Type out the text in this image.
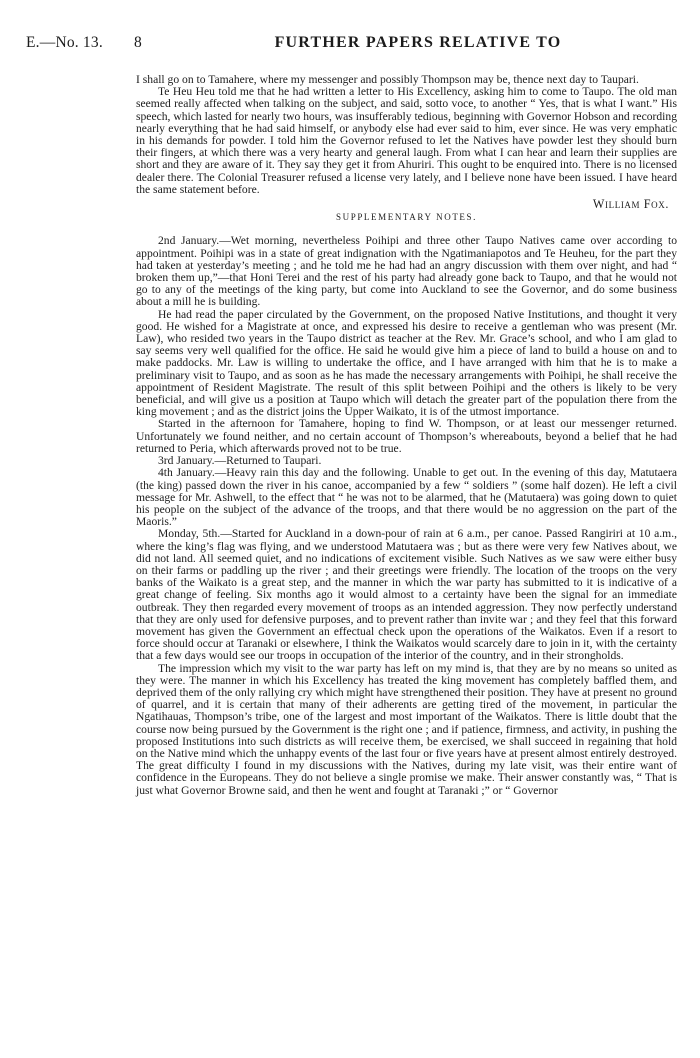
E.—No. 13. 8	FURTHER PAPERS RELATIVE TO

I shall go on to Tamahere, where my messenger and possibly Thompson may be, thence next day to Taupari.

Te Heu Heu told me that he had written a letter to His Excellency, asking him to come to Taupo. The old man seemed really affected when talking on the subject, and said, sotto voce, to another “ Yes, that is what I want.” His speech, which lasted for nearly two hours, was insufferably tedious, beginning with Governor Hobson and recording nearly everything that he had said himself, or anybody else had ever said to him, ever since. He was very emphatic in his demands for powder. I told him the Governor refused to let the Natives have powder lest they should burn their fingers, at which there was a very hearty and general laugh. From what I can hear and learn their supplies are short and they are aware of it. They say they get it from Ahuriri. This ought to be enquired into. There is no licensed dealer there. The Colonial Treasurer refused a license very lately, and I believe none have been issued. I have heard the same statement before.

William Fox.
SUPPLEMENTARY NOTES.

2nd January.—Wet morning, nevertheless Poihipi and three other Taupo Natives came over according to appointment. Poihipi was in a state of great indignation with the Ngatimaniapotos and Te Heuheu, for the part they had taken at yesterday’s meeting ; and he told me he had had an angry discussion with them over night, and had “ broken them up,”—that Honi Terei and the rest of his party had already gone back to Taupo, and that he would not go to any of the meetings of the king party, but come into Auckland to see the Governor, and do some business about a mill he is building.

He had read the paper circulated by the Government, on the proposed Native Institutions, and thought it very good. He wished for a Magistrate at once, and expressed his desire to receive a gentleman who was present (Mr. Law), who resided two years in the Taupo district as teacher at the Rev. Mr. Grace’s school, and who I am glad to say seems very well qualified for the office. He said he would give him a piece of land to build a house on and to make paddocks. Mr. Law is willing to undertake the office, and I have arranged with him that he is to make a preliminary visit to Taupo, and as soon as he has made the necessary arrangements with Poihipi, he shall receive the appointment of Resident Magistrate. The result of this split between Poihipi and the others is likely to be very beneficial, and will give us a position at Taupo which will detach the greater part of the population there from the king movement ; and as the district joins the Upper Waikato, it is of the utmost importance.

Started in the afternoon for Tamahere, hoping to find W. Thompson, or at least our messenger returned. Unfortunately we found neither, and no certain account of Thompson’s whereabouts, beyond a belief that he had returned to Peria, which afterwards proved not to be true.

3rd January.—Returned to Taupari.

4th January.—Heavy rain this day and the following. Unable to get out. In the evening of this day, Matutaera (the king) passed down the river in his canoe, accompanied by a few “ soldiers ” (some half dozen). He left a civil message for Mr. Ashwell, to the effect that “ he was not to be alarmed, that he (Matutaera) was going down to quiet his people on the subject of the advance of the troops, and that there would be no aggression on the part of the Maoris.”

Monday, 5th.—Started for Auckland in a down-pour of rain at 6 a.m., per canoe. Passed Rangiriri at 10 a.m., where the king’s flag was flying, and we understood Matutaera was ; but as there were very few Natives about, we did not land. All seemed quiet, and no indications of excitement visible. Such Natives as we saw were either busy on their farms or paddling up the river ; and their greetings were friendly. The location of the troops on the very banks of the Waikato is a great step, and the manner in which the war party has submitted to it is indicative of a great change of feeling. Six months ago it would almost to a certainty have been the signal for an immediate outbreak. They then regarded every movement of troops as an intended aggression. They now perfectly understand that they are only used for defensive purposes, and to prevent rather than invite war ; and they feel that this forward movement has given the Government an effectual check upon the operations of the Waikatos. Even if a resort to force should occur at Taranaki or elsewhere, I think the Waikatos would scarcely dare to join in it, with the certainty that a few days would see our troops in occupation of the interior of the country, and in their strongholds.

The impression which my visit to the war party has left on my mind is, that they are by no means so united as they were. The manner in which his Excellency has treated the king movement has completely baffled them, and deprived them of the only rallying cry which might have strengthened their position. They have at present no ground of quarrel, and it is certain that many of their adherents are getting tired of the movement, in particular the Ngatihauas, Thompson’s tribe, one of the largest and most important of the Waikatos. There is little doubt that the course now being pursued by the Government is the right one ; and if patience, firmness, and activity, in pushing the proposed Institutions into such districts as will receive them, be exercised, we shall succeed in regaining that hold on the Native mind which the unhappy events of the last four or five years have at present almost entirely destroyed. The great difficulty I found in my discussions with the Natives, during my late visit, was their entire want of confidence in the Europeans. They do not believe a single promise we make. Their answer constantly was, “ That is just what Governor Browne said, and then he went and fought at Taranaki ;” or “ Governor
